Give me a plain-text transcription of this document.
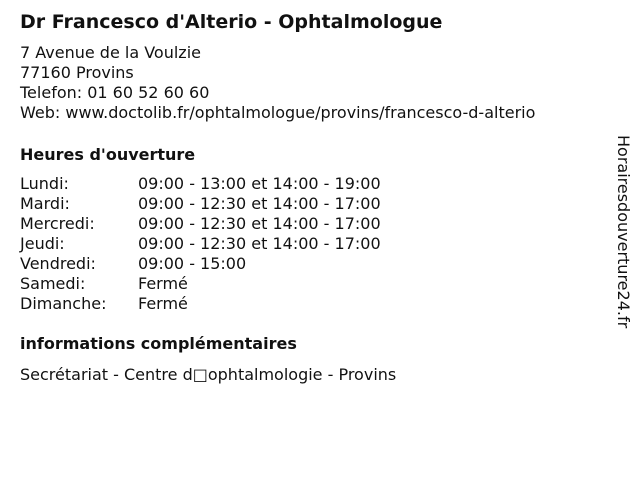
Dr Francesco d'Alterio - Ophtalmologue
7 Avenue de la Voulzie
77160 Provins
Telefon: 01 60 52 60 60
Web: www.doctolib.fr/ophtalmologue/provins/francesco-d-alterio
Heures d'ouverture
Lundi:	09:00 - 13:00 et 14:00 - 19:00
Mardi:	09:00 - 12:30 et 14:00 - 17:00
Mercredi:	09:00 - 12:30 et 14:00 - 17:00
Jeudi:	09:00 - 12:30 et 14:00 - 17:00
Vendredi:	09:00 - 15:00
Samedi:	Fermé
Dimanche:	Fermé
informations complémentaires
Secrétariat - Centre d□ophtalmologie - Provins
Horairesdouverture24.fr
